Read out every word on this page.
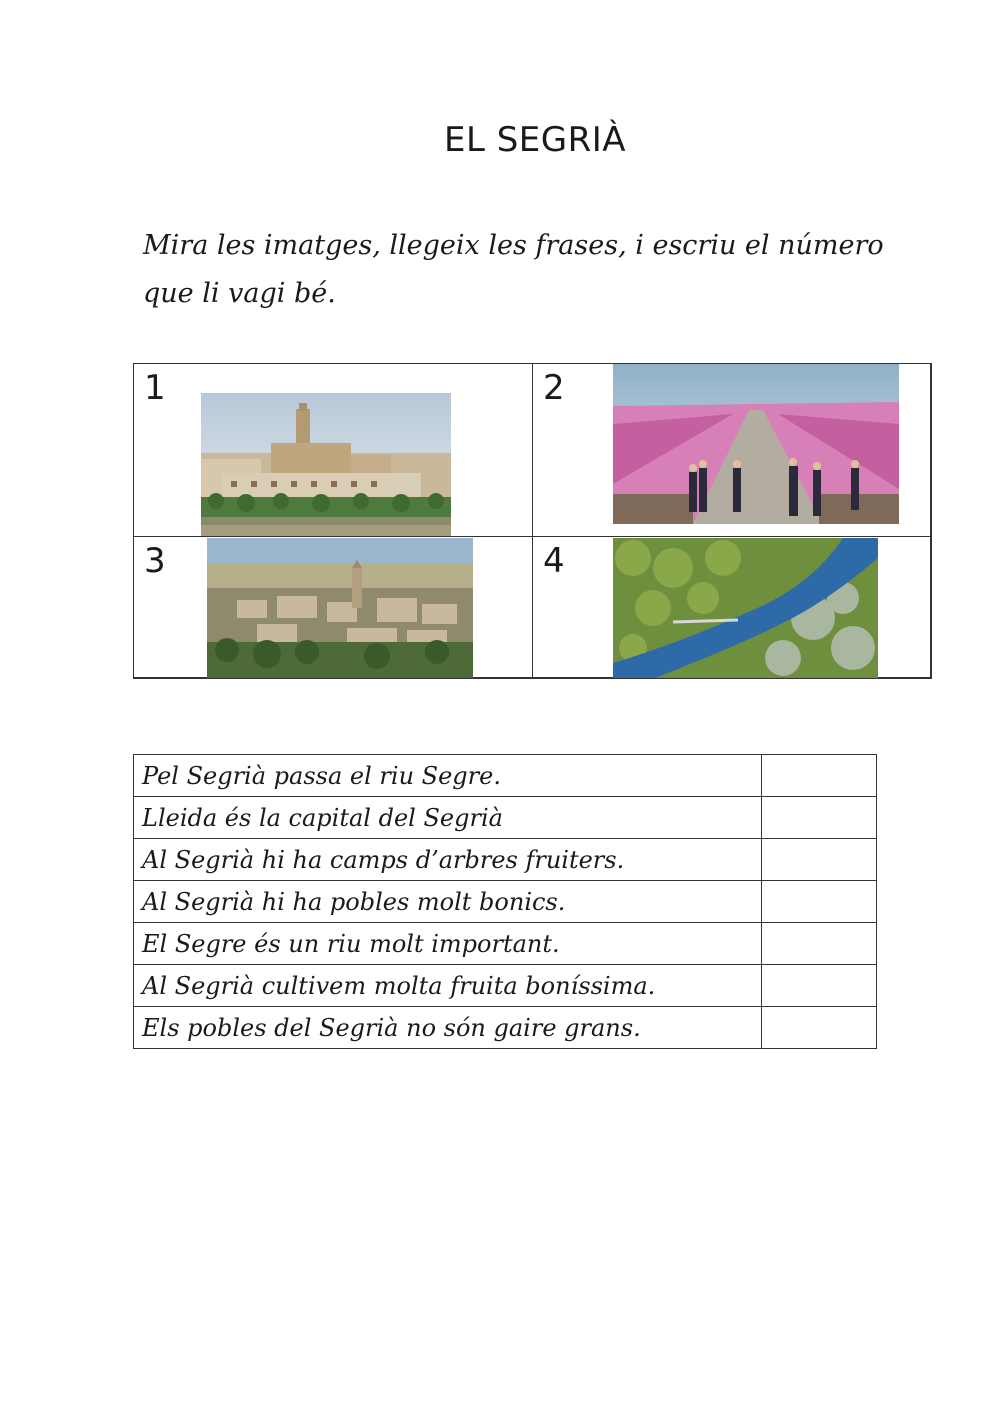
EL SEGRIÀ

Mira les imatges, llegeix les frases, i escriu el número que li vagi bé.

1	2
3	4
Pel Segrià passa el riu Segre.	
Lleida és la capital del Segrià	
Al Segrià hi ha camps d’arbres fruiters.	
Al Segrià hi ha pobles molt bonics.	
El Segre és un riu molt important.	
Al Segrià cultivem molta fruita boníssima.	
Els pobles del Segrià no són gaire grans.	
